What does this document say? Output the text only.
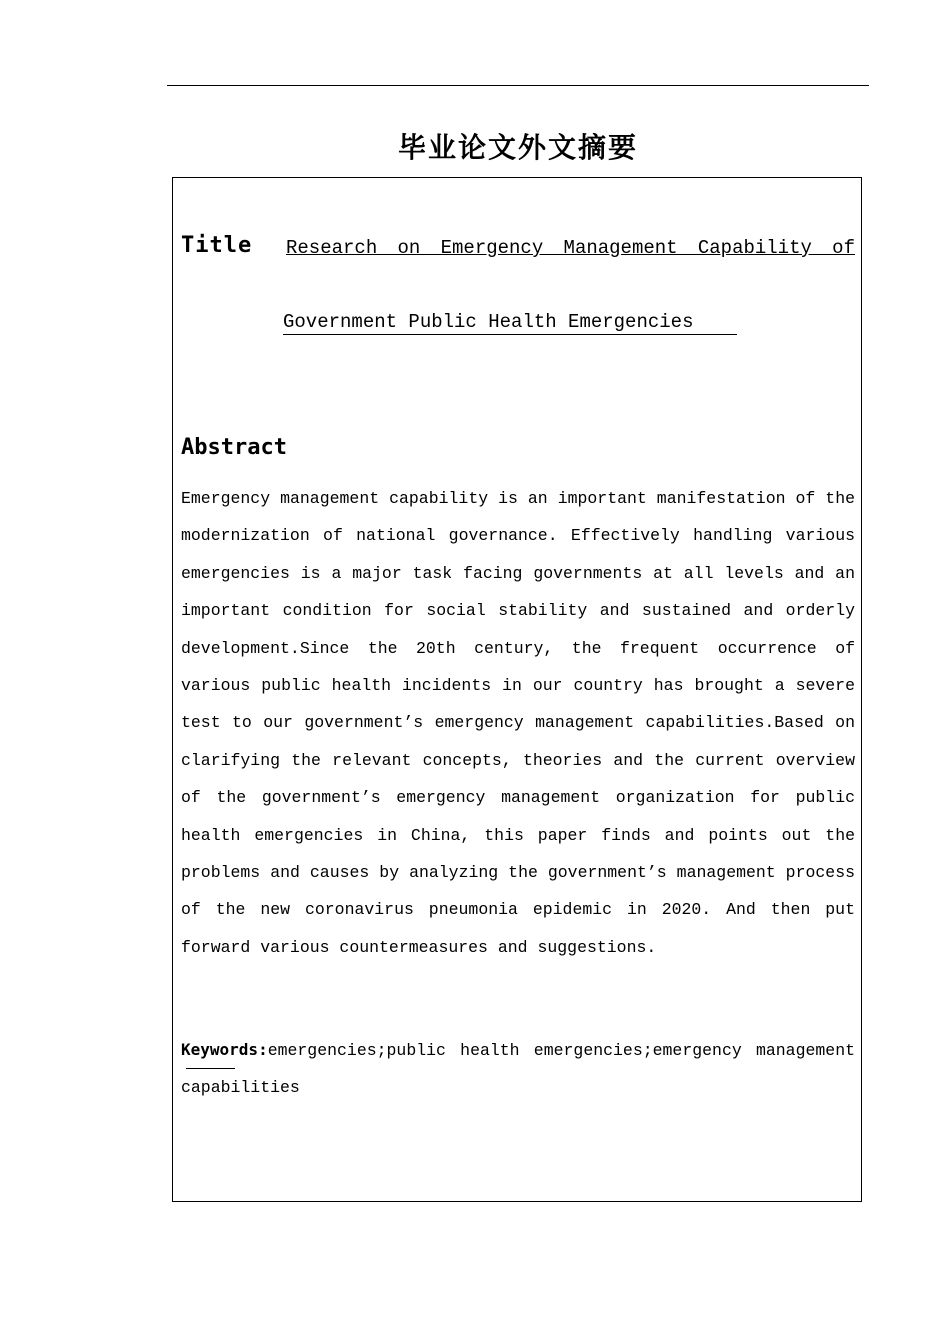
毕业论文外文摘要
Title Research on Emergency Management Capability of
Government Public Health Emergencies
Abstract

Emergency management capability is an important manifestation of the modernization of national governance. Effectively handling various emergencies is a major task facing governments at all levels and an important condition for social stability and sustained and orderly development.Since the 20th century, the frequent occurrence of various public health incidents in our country has brought a severe test to our government’s emergency management capabilities.Based on clarifying the relevant concepts, theories and the current overview of the government’s emergency management organization for public health emergencies in China, this paper finds and points out the problems and causes by analyzing the government’s management process of the new coronavirus pneumonia epidemic in 2020. And then put forward various countermeasures and suggestions.

Keywords:emergencies;public health emergencies;emergency management capabilities
